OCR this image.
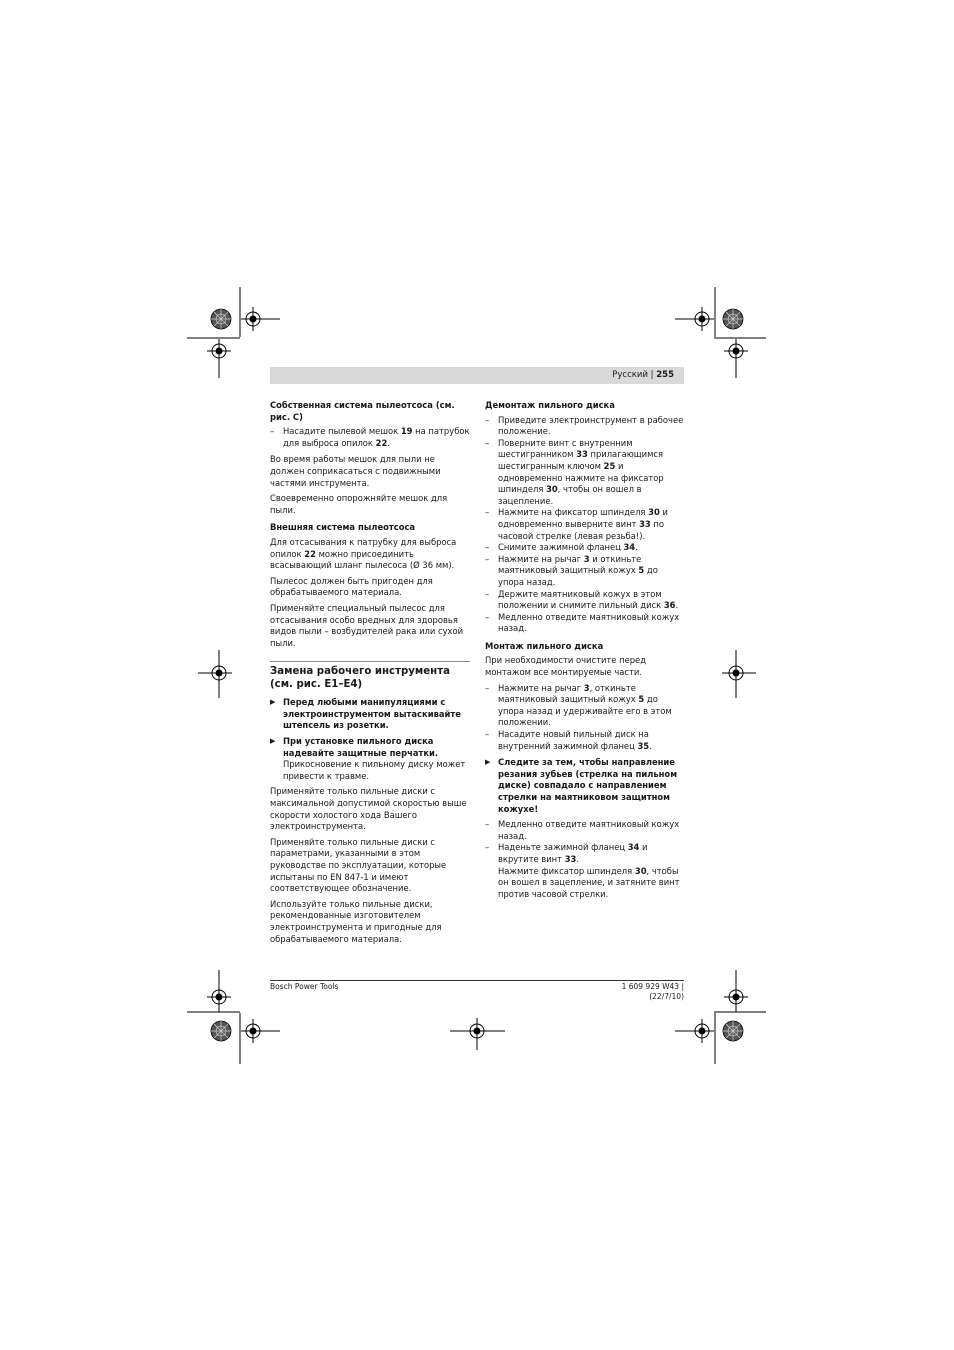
Русский | 255
Собственная система пылеотсоса (см. рис. C)
– Насадите пылевой мешок 19 на патрубок для выброса опилок 22.

Во время работы мешок для пыли не должен соприкасаться с подвижными частями инструмента.

Своевременно опорожняйте мешок для пыли.

Внешняя система пылеотсоса

Для отсасывания к патрубку для выброса опилок 22 можно присоединить всасывающий шланг пылесоса (Ø 36 мм).

Пылесос должен быть пригоден для обрабатываемого материала.

Применяйте специальный пылесос для отсасывания особо вредных для здоровья видов пыли – возбудителей рака или сухой пыли.

Замена рабочего инструмента (см. рис. E1–E4)
▶ Перед любыми манипуляциями с электроинструментом вытаскивайте штепсель из розетки.
▶ При установке пильного диска надевайте защитные перчатки. Прикосновение к пильному диску может привести к травме.

Применяйте только пильные диски с максимальной допустимой скоростью выше скорости холостого хода Вашего электроинструмента.

Применяйте только пильные диски с параметрами, указанными в этом руководстве по эксплуатации, которые испытаны по EN 847-1 и имеют соответствующее обозначение.

Используйте только пильные диски, рекомендованные изготовителем электроинструмента и пригодные для обрабатываемого материала.

Демонтаж пильного диска
– Приведите электроинструмент в рабочее положение.
– Поверните винт с внутренним шестигранником 33 прилагающимся шестигранным ключом 25 и одновременно нажмите на фиксатор шпинделя 30, чтобы он вошел в зацепление.
– Нажмите на фиксатор шпинделя 30 и одновременно выверните винт 33 по часовой стрелке (левая резьба!).
– Снимите зажимной фланец 34.
– Нажмите на рычаг 3 и откиньте маятниковый защитный кожух 5 до упора назад.
– Держите маятниковый кожух в этом положении и снимите пильный диск 36.
– Медленно отведите маятниковый кожух назад.
Монтаж пильного диска

При необходимости очистите перед монтажом все монтируемые части.

– Нажмите на рычаг 3, откиньте маятниковый защитный кожух 5 до упора назад и удерживайте его в этом положении.
– Насадите новый пильный диск на внутренний зажимной фланец 35.
▶ Следите за тем, чтобы направление резания зубьев (стрелка на пильном диске) совпадало с направлением стрелки на маятниковом защитном кожухе!
– Медленно отведите маятниковый кожух назад.
– Наденьте зажимной фланец 34 и вкрутите винт 33.
Нажмите фиксатор шпинделя 30, чтобы он вошел в зацепление, и затяните винт против часовой стрелки.
Bosch Power Tools	1 609 929 W43 | (22/7/10)
